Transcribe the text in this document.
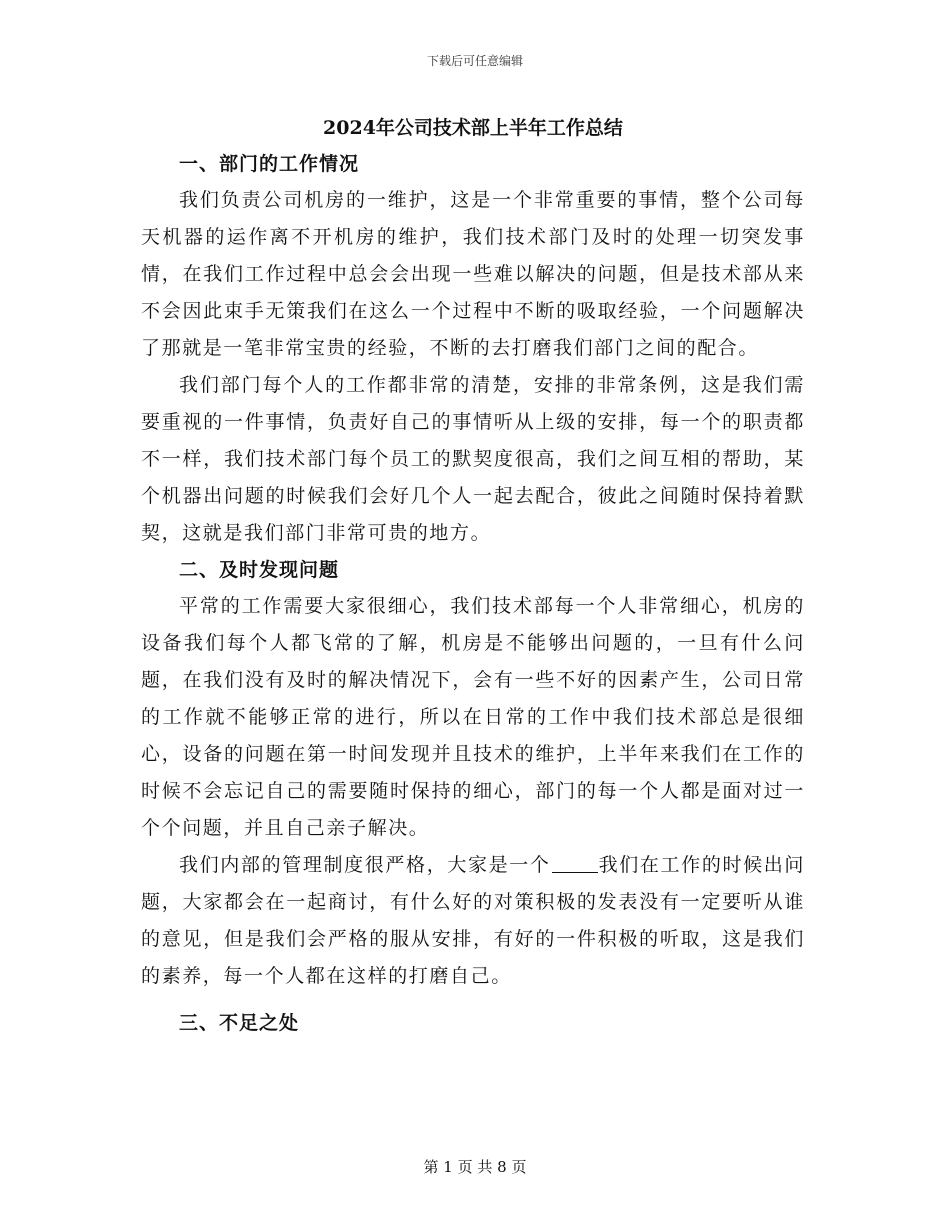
下载后可任意编辑

2024年公司技术部上半年工作总结

一、部门的工作情况

我们负责公司机房的一维护，这是一个非常重要的事情，整个公司每天机器的运作离不开机房的维护，我们技术部门及时的处理一切突发事情，在我们工作过程中总会会出现一些难以解决的问题，但是技术部从来不会因此束手无策我们在这么一个过程中不断的吸取经验，一个问题解决了那就是一笔非常宝贵的经验，不断的去打磨我们部门之间的配合。

我们部门每个人的工作都非常的清楚，安排的非常条例，这是我们需要重视的一件事情，负责好自己的事情听从上级的安排，每一个的职责都不一样，我们技术部门每个员工的默契度很高，我们之间互相的帮助，某个机器出问题的时候我们会好几个人一起去配合，彼此之间随时保持着默契，这就是我们部门非常可贵的地方。

二、及时发现问题

平常的工作需要大家很细心，我们技术部每一个人非常细心，机房的设备我们每个人都飞常的了解，机房是不能够出问题的，一旦有什么问题，在我们没有及时的解决情况下，会有一些不好的因素产生，公司日常的工作就不能够正常的进行，所以在日常的工作中我们技术部总是很细心，设备的问题在第一时间发现并且技术的维护，上半年来我们在工作的时候不会忘记自己的需要随时保持的细心，部门的每一个人都是面对过一个个问题，并且自己亲子解决。

我们内部的管理制度很严格，大家是一个	我们在工作的时候出问题，大家都会在一起商讨，有什么好的对策积极的发表没有一定要听从谁的意见，但是我们会严格的服从安排，有好的一件积极的听取，这是我们的素养，每一个人都在这样的打磨自己。

三、不足之处

第 1 页 共 8 页
